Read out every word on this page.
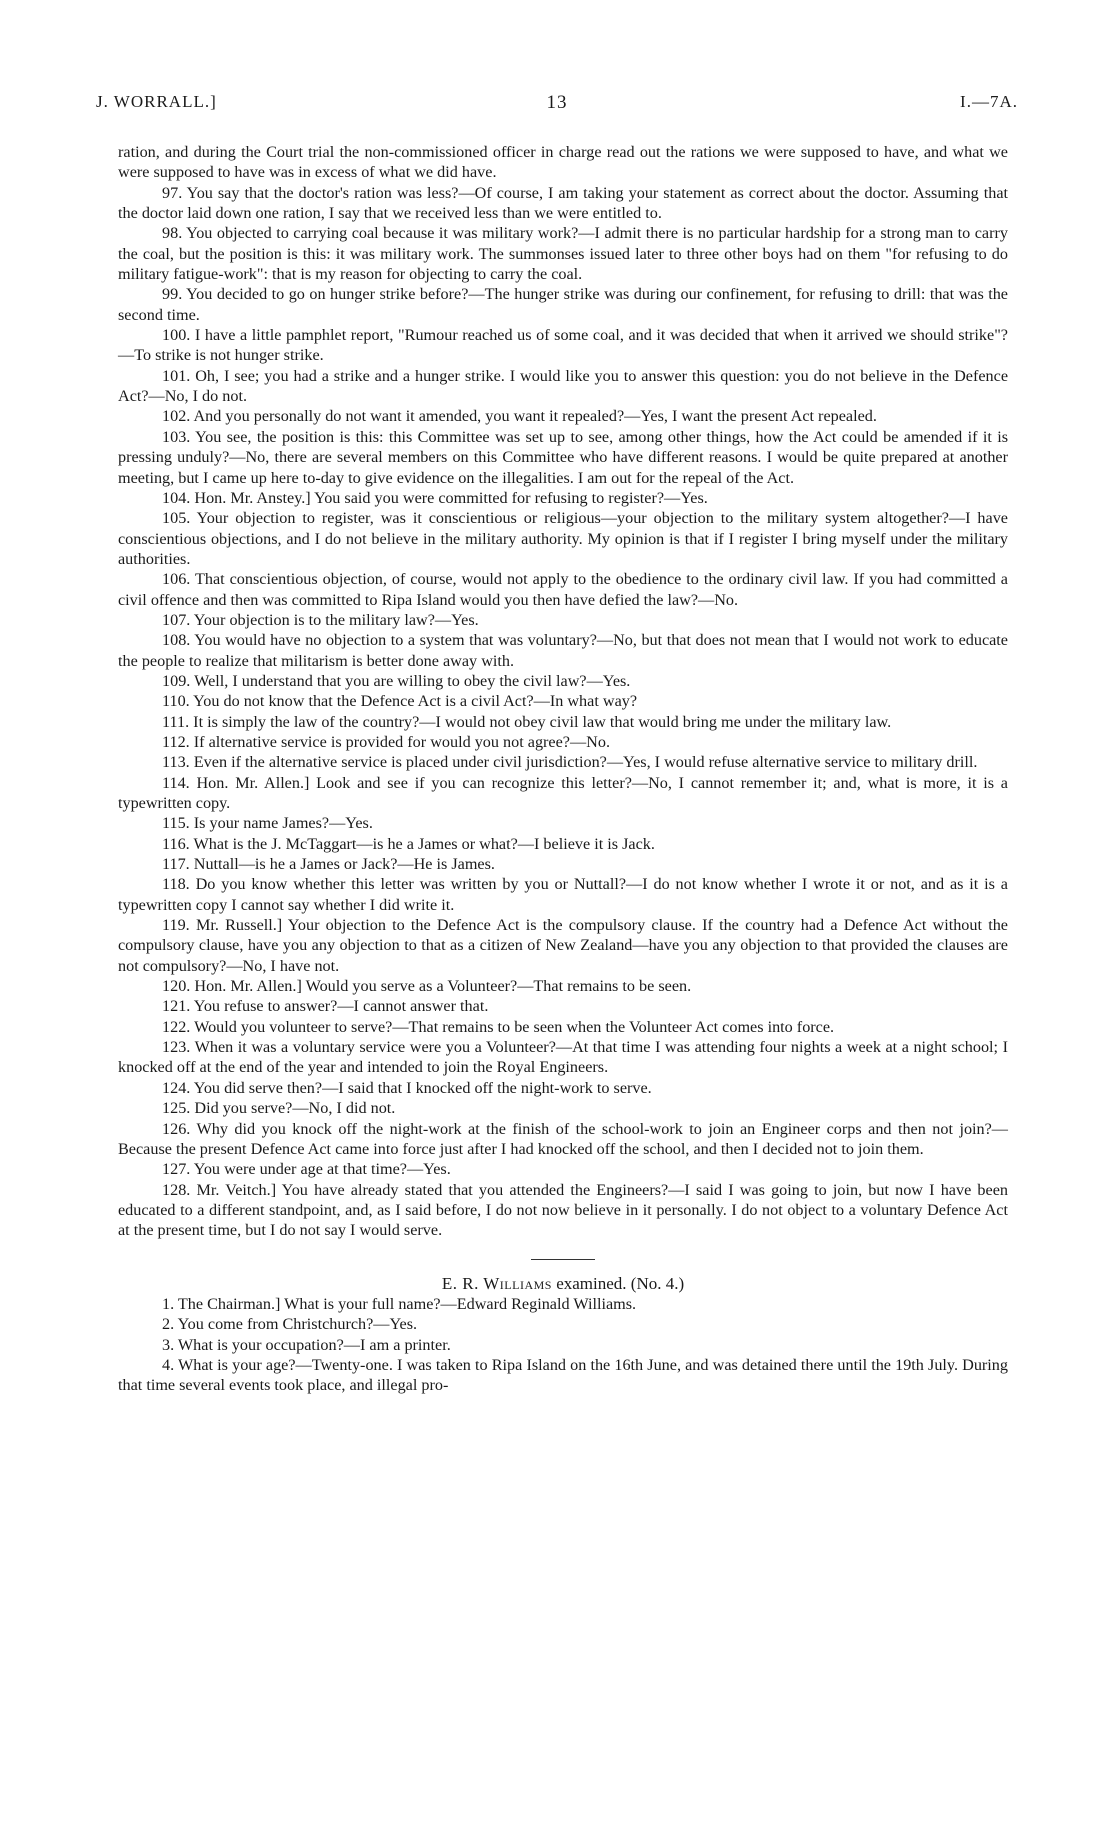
J. WORRALL.]	13	I.—7A.

ration, and during the Court trial the non-commissioned officer in charge read out the rations we were supposed to have, and what we were supposed to have was in excess of what we did have.

97. You say that the doctor's ration was less?—Of course, I am taking your statement as correct about the doctor. Assuming that the doctor laid down one ration, I say that we received less than we were entitled to.

98. You objected to carrying coal because it was military work?—I admit there is no particular hardship for a strong man to carry the coal, but the position is this: it was military work. The summonses issued later to three other boys had on them "for refusing to do military fatigue-work": that is my reason for objecting to carry the coal.

99. You decided to go on hunger strike before?—The hunger strike was during our confinement, for refusing to drill: that was the second time.

100. I have a little pamphlet report, "Rumour reached us of some coal, and it was decided that when it arrived we should strike"?—To strike is not hunger strike.

101. Oh, I see; you had a strike and a hunger strike. I would like you to answer this question: you do not believe in the Defence Act?—No, I do not.

102. And you personally do not want it amended, you want it repealed?—Yes, I want the present Act repealed.

103. You see, the position is this: this Committee was set up to see, among other things, how the Act could be amended if it is pressing unduly?—No, there are several members on this Committee who have different reasons. I would be quite prepared at another meeting, but I came up here to-day to give evidence on the illegalities. I am out for the repeal of the Act.

104. Hon. Mr. Anstey.] You said you were committed for refusing to register?—Yes.

105. Your objection to register, was it conscientious or religious—your objection to the military system altogether?—I have conscientious objections, and I do not believe in the military authority. My opinion is that if I register I bring myself under the military authorities.

106. That conscientious objection, of course, would not apply to the obedience to the ordinary civil law. If you had committed a civil offence and then was committed to Ripa Island would you then have defied the law?—No.

107. Your objection is to the military law?—Yes.

108. You would have no objection to a system that was voluntary?—No, but that does not mean that I would not work to educate the people to realize that militarism is better done away with.

109. Well, I understand that you are willing to obey the civil law?—Yes.

110. You do not know that the Defence Act is a civil Act?—In what way?

111. It is simply the law of the country?—I would not obey civil law that would bring me under the military law.

112. If alternative service is provided for would you not agree?—No.

113. Even if the alternative service is placed under civil jurisdiction?—Yes, I would refuse alternative service to military drill.

114. Hon. Mr. Allen.] Look and see if you can recognize this letter?—No, I cannot remember it; and, what is more, it is a typewritten copy.

115. Is your name James?—Yes.

116. What is the J. McTaggart—is he a James or what?—I believe it is Jack.

117. Nuttall—is he a James or Jack?—He is James.

118. Do you know whether this letter was written by you or Nuttall?—I do not know whether I wrote it or not, and as it is a typewritten copy I cannot say whether I did write it.

119. Mr. Russell.] Your objection to the Defence Act is the compulsory clause. If the country had a Defence Act without the compulsory clause, have you any objection to that as a citizen of New Zealand—have you any objection to that provided the clauses are not compulsory?—No, I have not.

120. Hon. Mr. Allen.] Would you serve as a Volunteer?—That remains to be seen.

121. You refuse to answer?—I cannot answer that.

122. Would you volunteer to serve?—That remains to be seen when the Volunteer Act comes into force.

123. When it was a voluntary service were you a Volunteer?—At that time I was attending four nights a week at a night school; I knocked off at the end of the year and intended to join the Royal Engineers.

124. You did serve then?—I said that I knocked off the night-work to serve.

125. Did you serve?—No, I did not.

126. Why did you knock off the night-work at the finish of the school-work to join an Engineer corps and then not join?—Because the present Defence Act came into force just after I had knocked off the school, and then I decided not to join them.

127. You were under age at that time?—Yes.

128. Mr. Veitch.] You have already stated that you attended the Engineers?—I said I was going to join, but now I have been educated to a different standpoint, and, as I said before, I do not now believe in it personally. I do not object to a voluntary Defence Act at the present time, but I do not say I would serve.

E. R. Williams examined. (No. 4.)

1. The Chairman.] What is your full name?—Edward Reginald Williams.

2. You come from Christchurch?—Yes.

3. What is your occupation?—I am a printer.

4. What is your age?—Twenty-one. I was taken to Ripa Island on the 16th June, and was detained there until the 19th July. During that time several events took place, and illegal pro-
